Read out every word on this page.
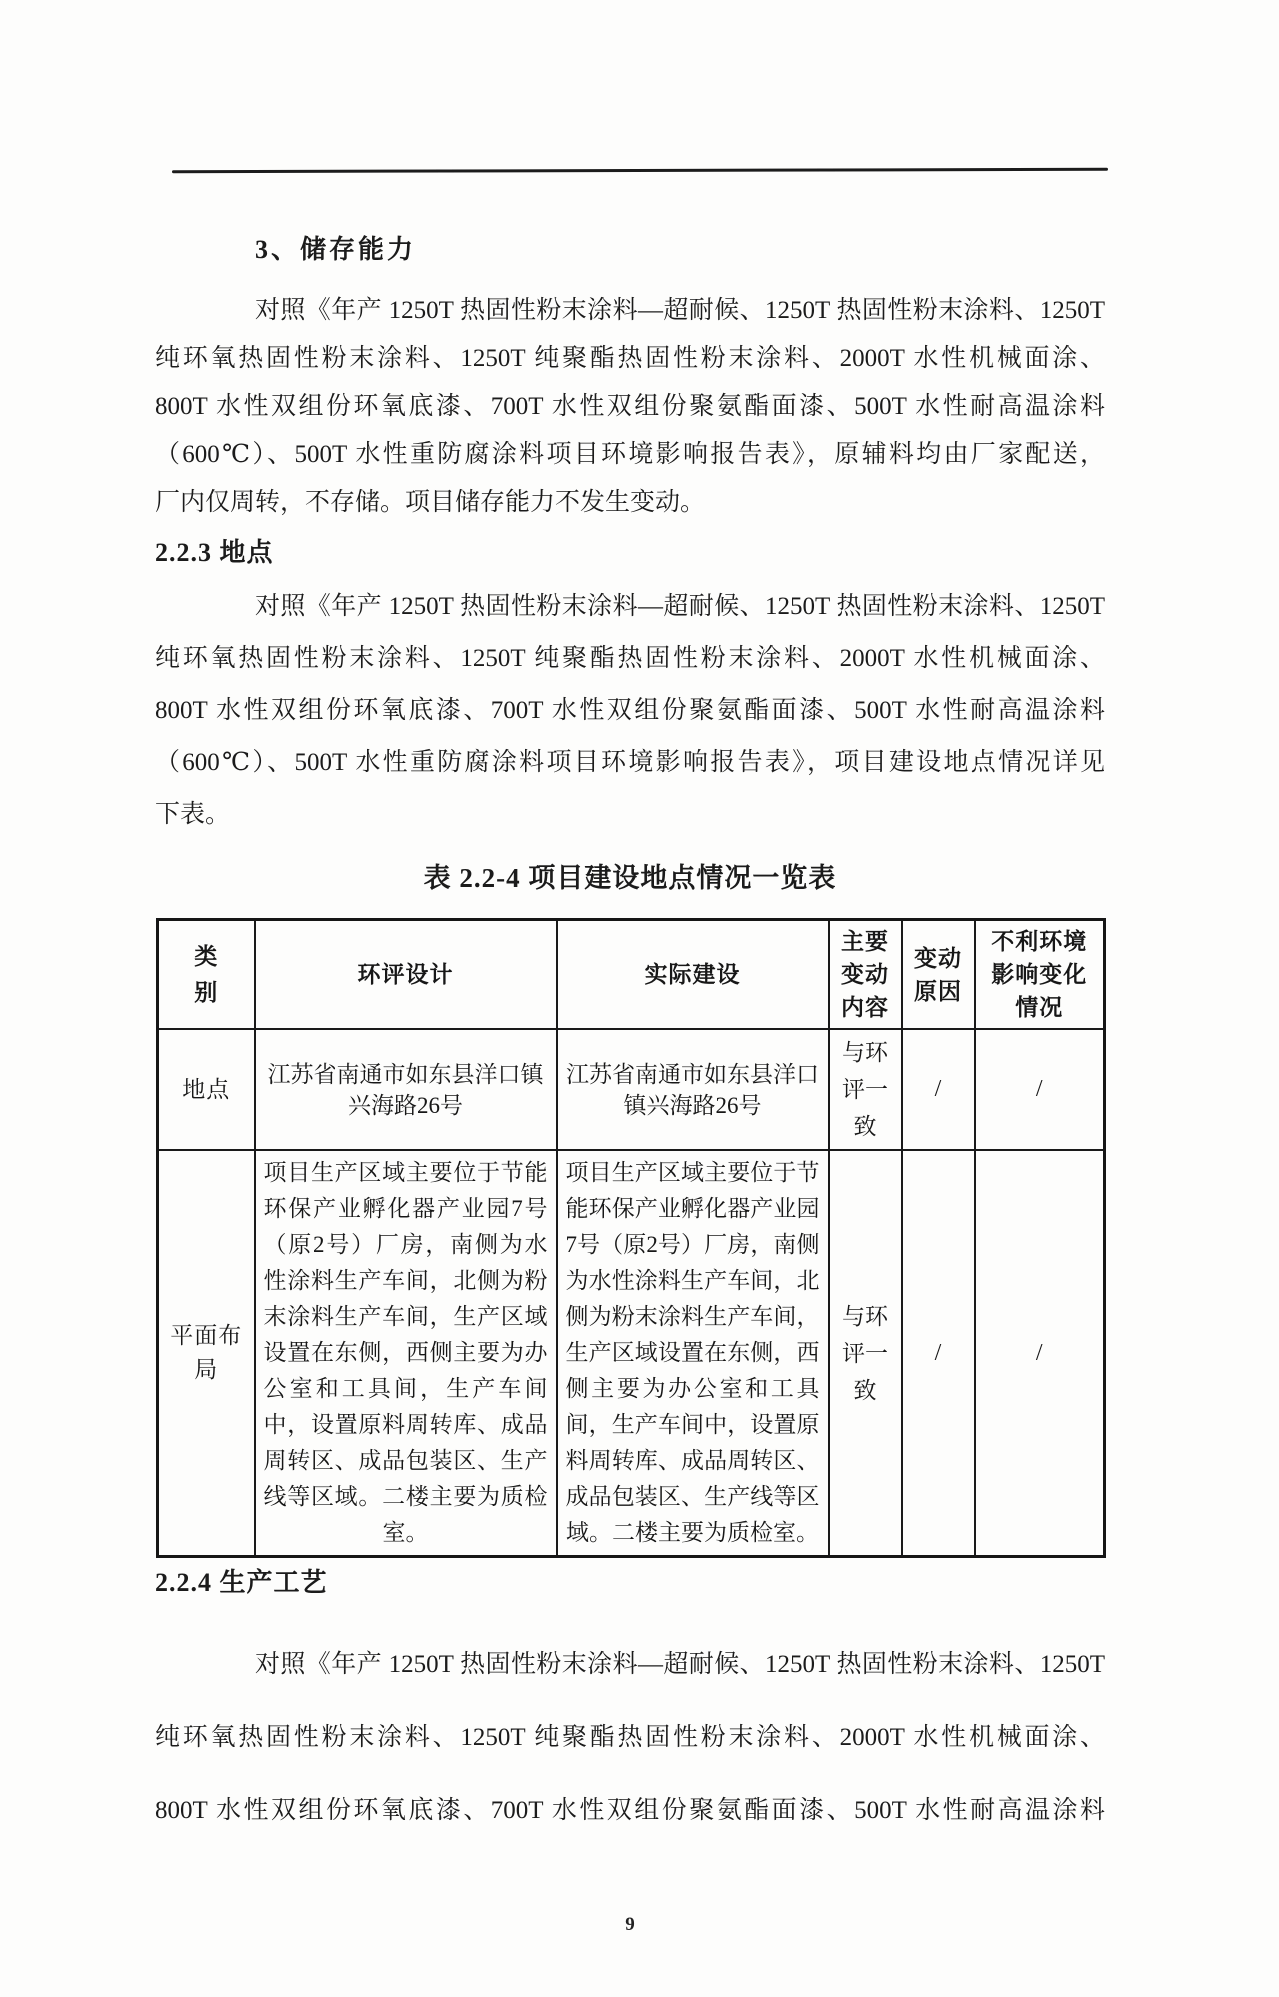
3、储存能力
对照《年产 1250T 热固性粉末涂料—超耐候、1250T 热固性粉末涂料、1250T
纯环氧热固性粉末涂料、1250T 纯聚酯热固性粉末涂料、2000T 水性机械面涂、
800T 水性双组份环氧底漆、700T 水性双组份聚氨酯面漆、500T 水性耐高温涂料
（600℃）、500T 水性重防腐涂料项目环境影响报告表》，原辅料均由厂家配送，
厂内仅周转，不存储。项目储存能力不发生变动。
2.2.3 地点
对照《年产 1250T 热固性粉末涂料—超耐候、1250T 热固性粉末涂料、1250T
纯环氧热固性粉末涂料、1250T 纯聚酯热固性粉末涂料、2000T 水性机械面涂、
800T 水性双组份环氧底漆、700T 水性双组份聚氨酯面漆、500T 水性耐高温涂料
（600℃）、500T 水性重防腐涂料项目环境影响报告表》，项目建设地点情况详见
下表。
表 2.2-4 项目建设地点情况一览表
类别	环评设计	实际建设	主要变动内容	变动原因	不利环境影响变化情况
地点	江苏省南通市如东县洋口镇兴海路26号	江苏省南通市如东县洋口镇兴海路26号	与环评一致	/	/
平面布局	项目生产区域主要位于节能环保产业孵化器产业园7号（原2号）厂房，南侧为水性涂料生产车间，北侧为粉末涂料生产车间，生产区域设置在东侧，西侧主要为办公室和工具间，生产车间中，设置原料周转库、成品周转区、成品包装区、生产线等区域。二楼主要为质检室。	项目生产区域主要位于节能环保产业孵化器产业园7号（原2号）厂房，南侧为水性涂料生产车间，北侧为粉末涂料生产车间，生产区域设置在东侧，西侧主要为办公室和工具间，生产车间中，设置原料周转库、成品周转区、成品包装区、生产线等区域。二楼主要为质检室。	与环评一致	/	/
2.2.4 生产工艺
对照《年产 1250T 热固性粉末涂料—超耐候、1250T 热固性粉末涂料、1250T
纯环氧热固性粉末涂料、1250T 纯聚酯热固性粉末涂料、2000T 水性机械面涂、
800T 水性双组份环氧底漆、700T 水性双组份聚氨酯面漆、500T 水性耐高温涂料
9
